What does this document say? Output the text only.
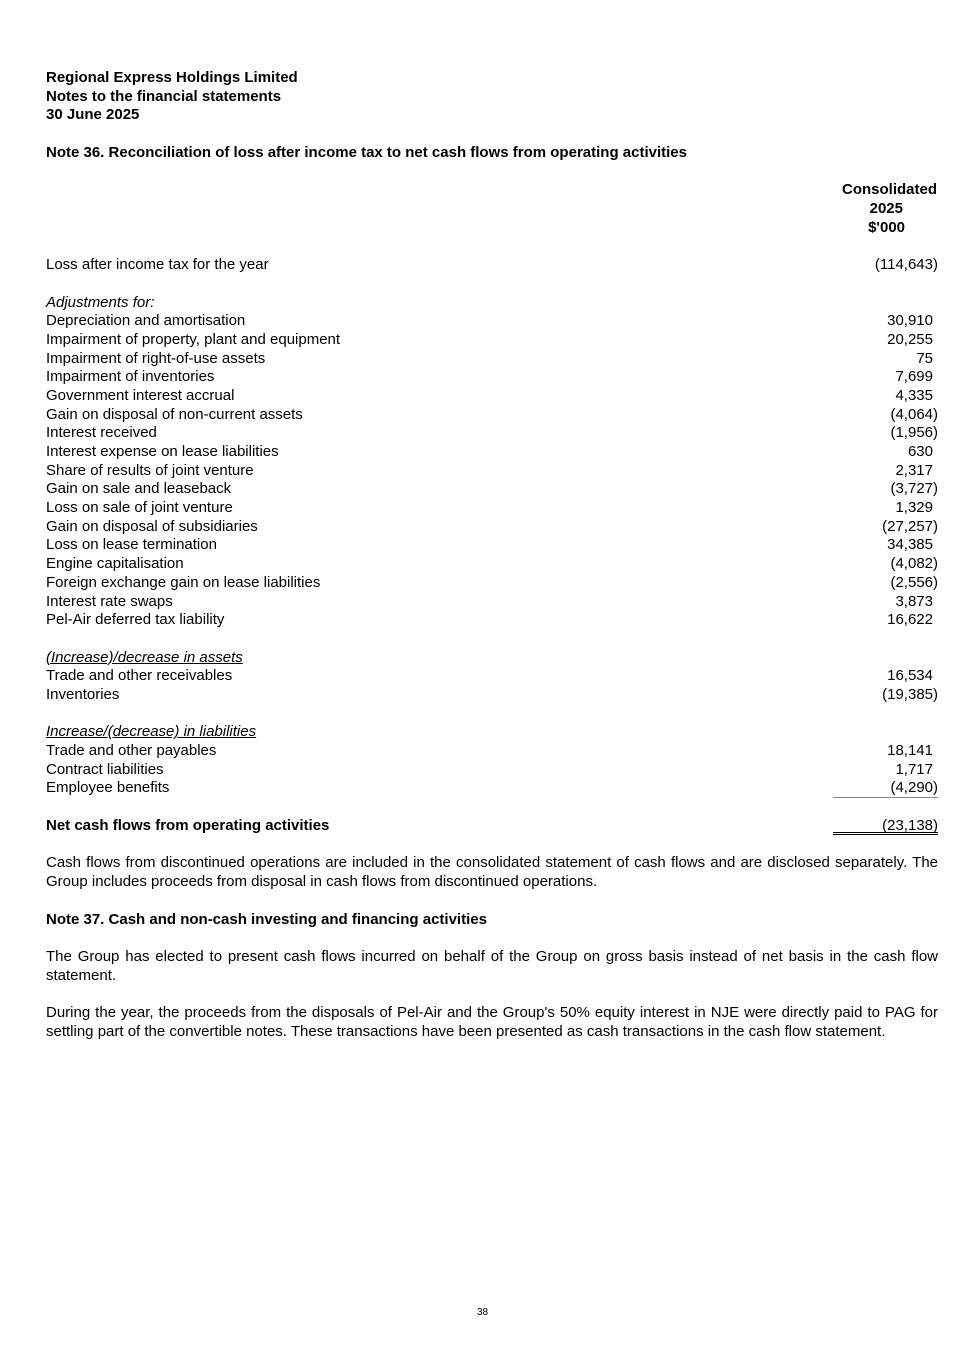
Regional Express Holdings Limited
Notes to the financial statements
30 June 2025
Note 36. Reconciliation of loss after income tax to net cash flows from operating activities
Consolidated
2025
$'000
Loss after income tax for the year	(114,643)
Adjustments for:
Depreciation and amortisation	30,910
Impairment of property, plant and equipment	20,255
Impairment of right-of-use assets	75
Impairment of inventories	7,699
Government interest accrual	4,335
Gain on disposal of non-current assets	(4,064)
Interest received	(1,956)
Interest expense on lease liabilities	630
Share of results of joint venture	2,317
Gain on sale and leaseback	(3,727)
Loss on sale of joint venture	1,329
Gain on disposal of subsidiaries	(27,257)
Loss on lease termination	34,385
Engine capitalisation	(4,082)
Foreign exchange gain on lease liabilities	(2,556)
Interest rate swaps	3,873
Pel-Air deferred tax liability	16,622
(Increase)/decrease in assets
Trade and other receivables	16,534
Inventories	(19,385)
Increase/(decrease) in liabilities
Trade and other payables	18,141
Contract liabilities	1,717
Employee benefits	(4,290)
Net cash flows from operating activities	(23,138)
Cash flows from discontinued operations are included in the consolidated statement of cash flows and are disclosed separately. The Group includes proceeds from disposal in cash flows from discontinued operations.
Note 37. Cash and non-cash investing and financing activities
The Group has elected to present cash flows incurred on behalf of the Group on gross basis instead of net basis in the cash flow statement.
During the year, the proceeds from the disposals of Pel-Air and the Group's 50% equity interest in NJE were directly paid to PAG for settling part of the convertible notes. These transactions have been presented as cash transactions in the cash flow statement.
38
